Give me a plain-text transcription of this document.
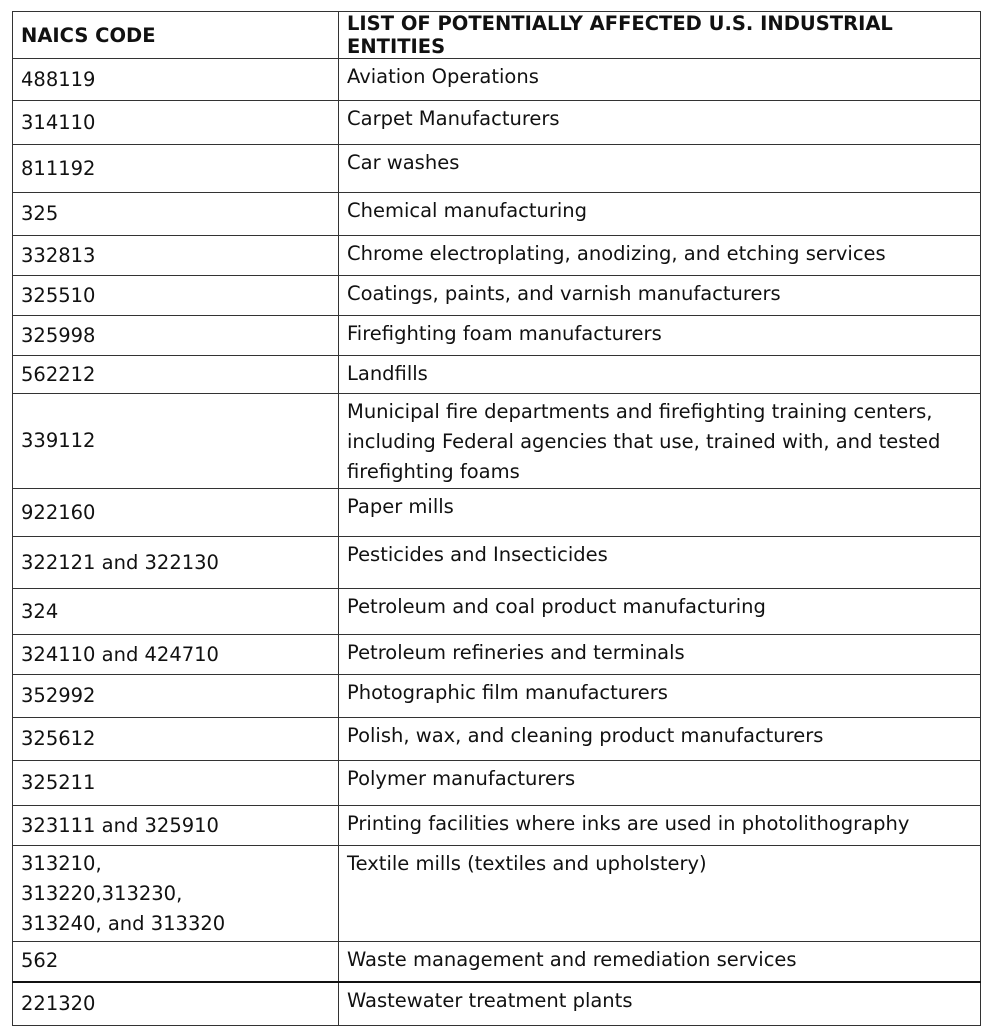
NAICS CODE	LIST OF POTENTIALLY AFFECTED U.S. INDUSTRIAL ENTITIES
488119	Aviation Operations
314110	Carpet Manufacturers
811192	Car washes
325	Chemical manufacturing
332813	Chrome electroplating, anodizing, and etching services
325510	Coatings, paints, and varnish manufacturers
325998	Firefighting foam manufacturers
562212	Landfills
339112	Municipal fire departments and firefighting training centers, including Federal agencies that use, trained with, and tested firefighting foams
922160	Paper mills
322121 and 322130	Pesticides and Insecticides
324	Petroleum and coal product manufacturing
324110 and 424710	Petroleum refineries and terminals
352992	Photographic film manufacturers
325612	Polish, wax, and cleaning product manufacturers
325211	Polymer manufacturers
323111 and 325910	Printing facilities where inks are used in photolithography

313210,
313220,313230,
313240, and 313320	Textile mills (textiles and upholstery)
562	Waste management and remediation services
221320	Wastewater treatment plants
